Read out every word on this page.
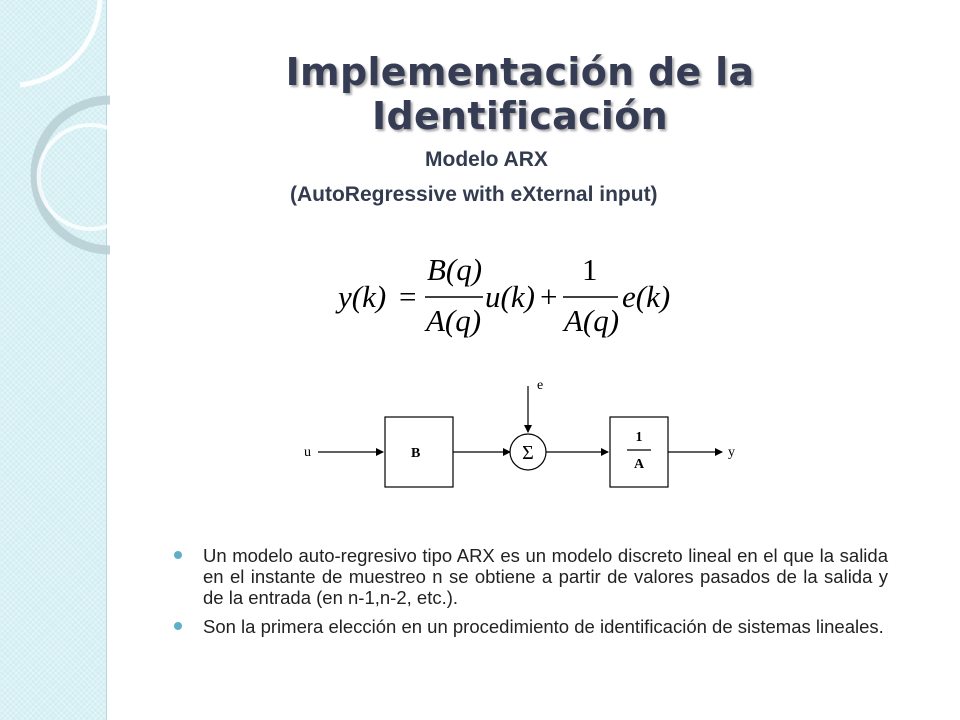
Implementación de la Identificación
Modelo ARX
(AutoRegressive with eXternal input)
y(k) =
B(q)
A(q)
u(k) +
1
A(q)
e(k)
u	B
e
Σ
1
A
y
Un modelo auto-regresivo tipo ARX es un modelo discreto lineal en el que la salida en el instante de muestreo n se obtiene a partir de valores pasados de la salida y de la entrada (en n-1,n-2, etc.).
Son la primera elección en un procedimiento de identificación de sistemas lineales.
